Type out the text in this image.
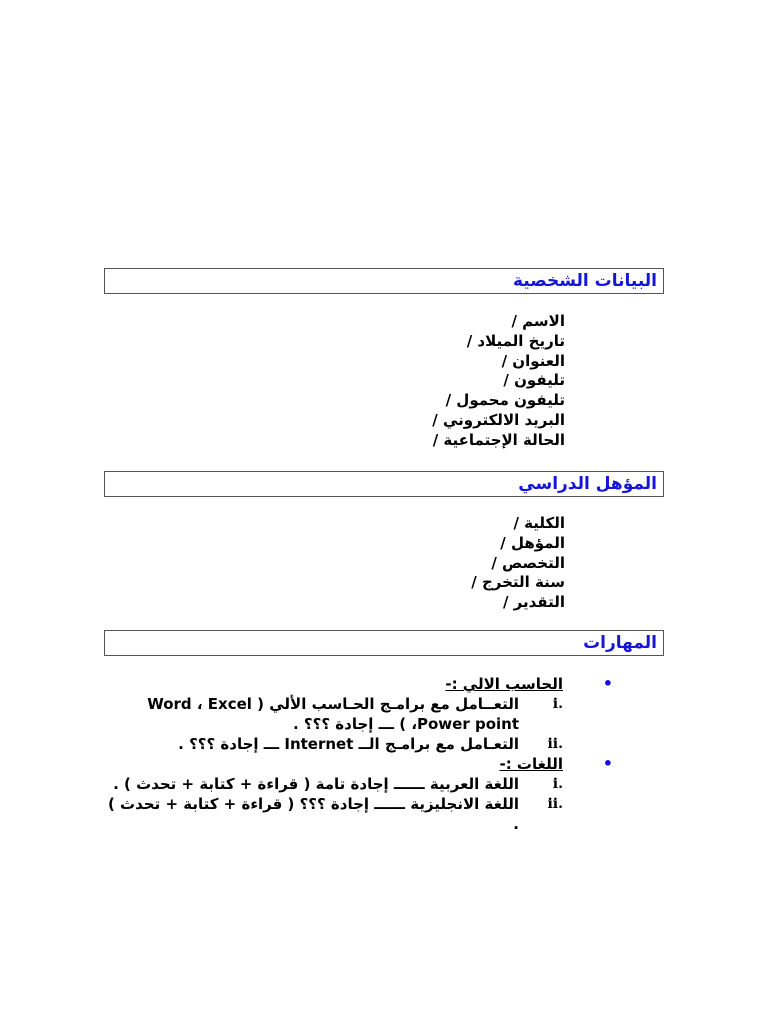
البيانات الشخصية
الاسم /
تاريخ الميلاد /
العنوان /
تليفون /
تليفون محمول /
البريد الالكتروني /
الحالة الإجتماعية /
المؤهل الدراسي
الكلية /
المؤهل /
التخصص /
سنة التخرج /
التقدير /
المهارات
•
الحاسب الالي :-
i.
التعــامل مع برامـج الحـاسب الألي ( Word ، Excel ،Power point ) ـــ إجادة ؟؟؟ .
ii.
التعـامل مع برامـج الــ Internet ـــ إجادة ؟؟؟ .
•
اللغات :-
i.
اللغة العربية ــــــ إجادة تامة ( قراءة + كتابة + تحدث ) .
ii.
اللغة الانجليزية ــــــ إجادة ؟؟؟ ( قراءة + كتابة + تحدث ) .
